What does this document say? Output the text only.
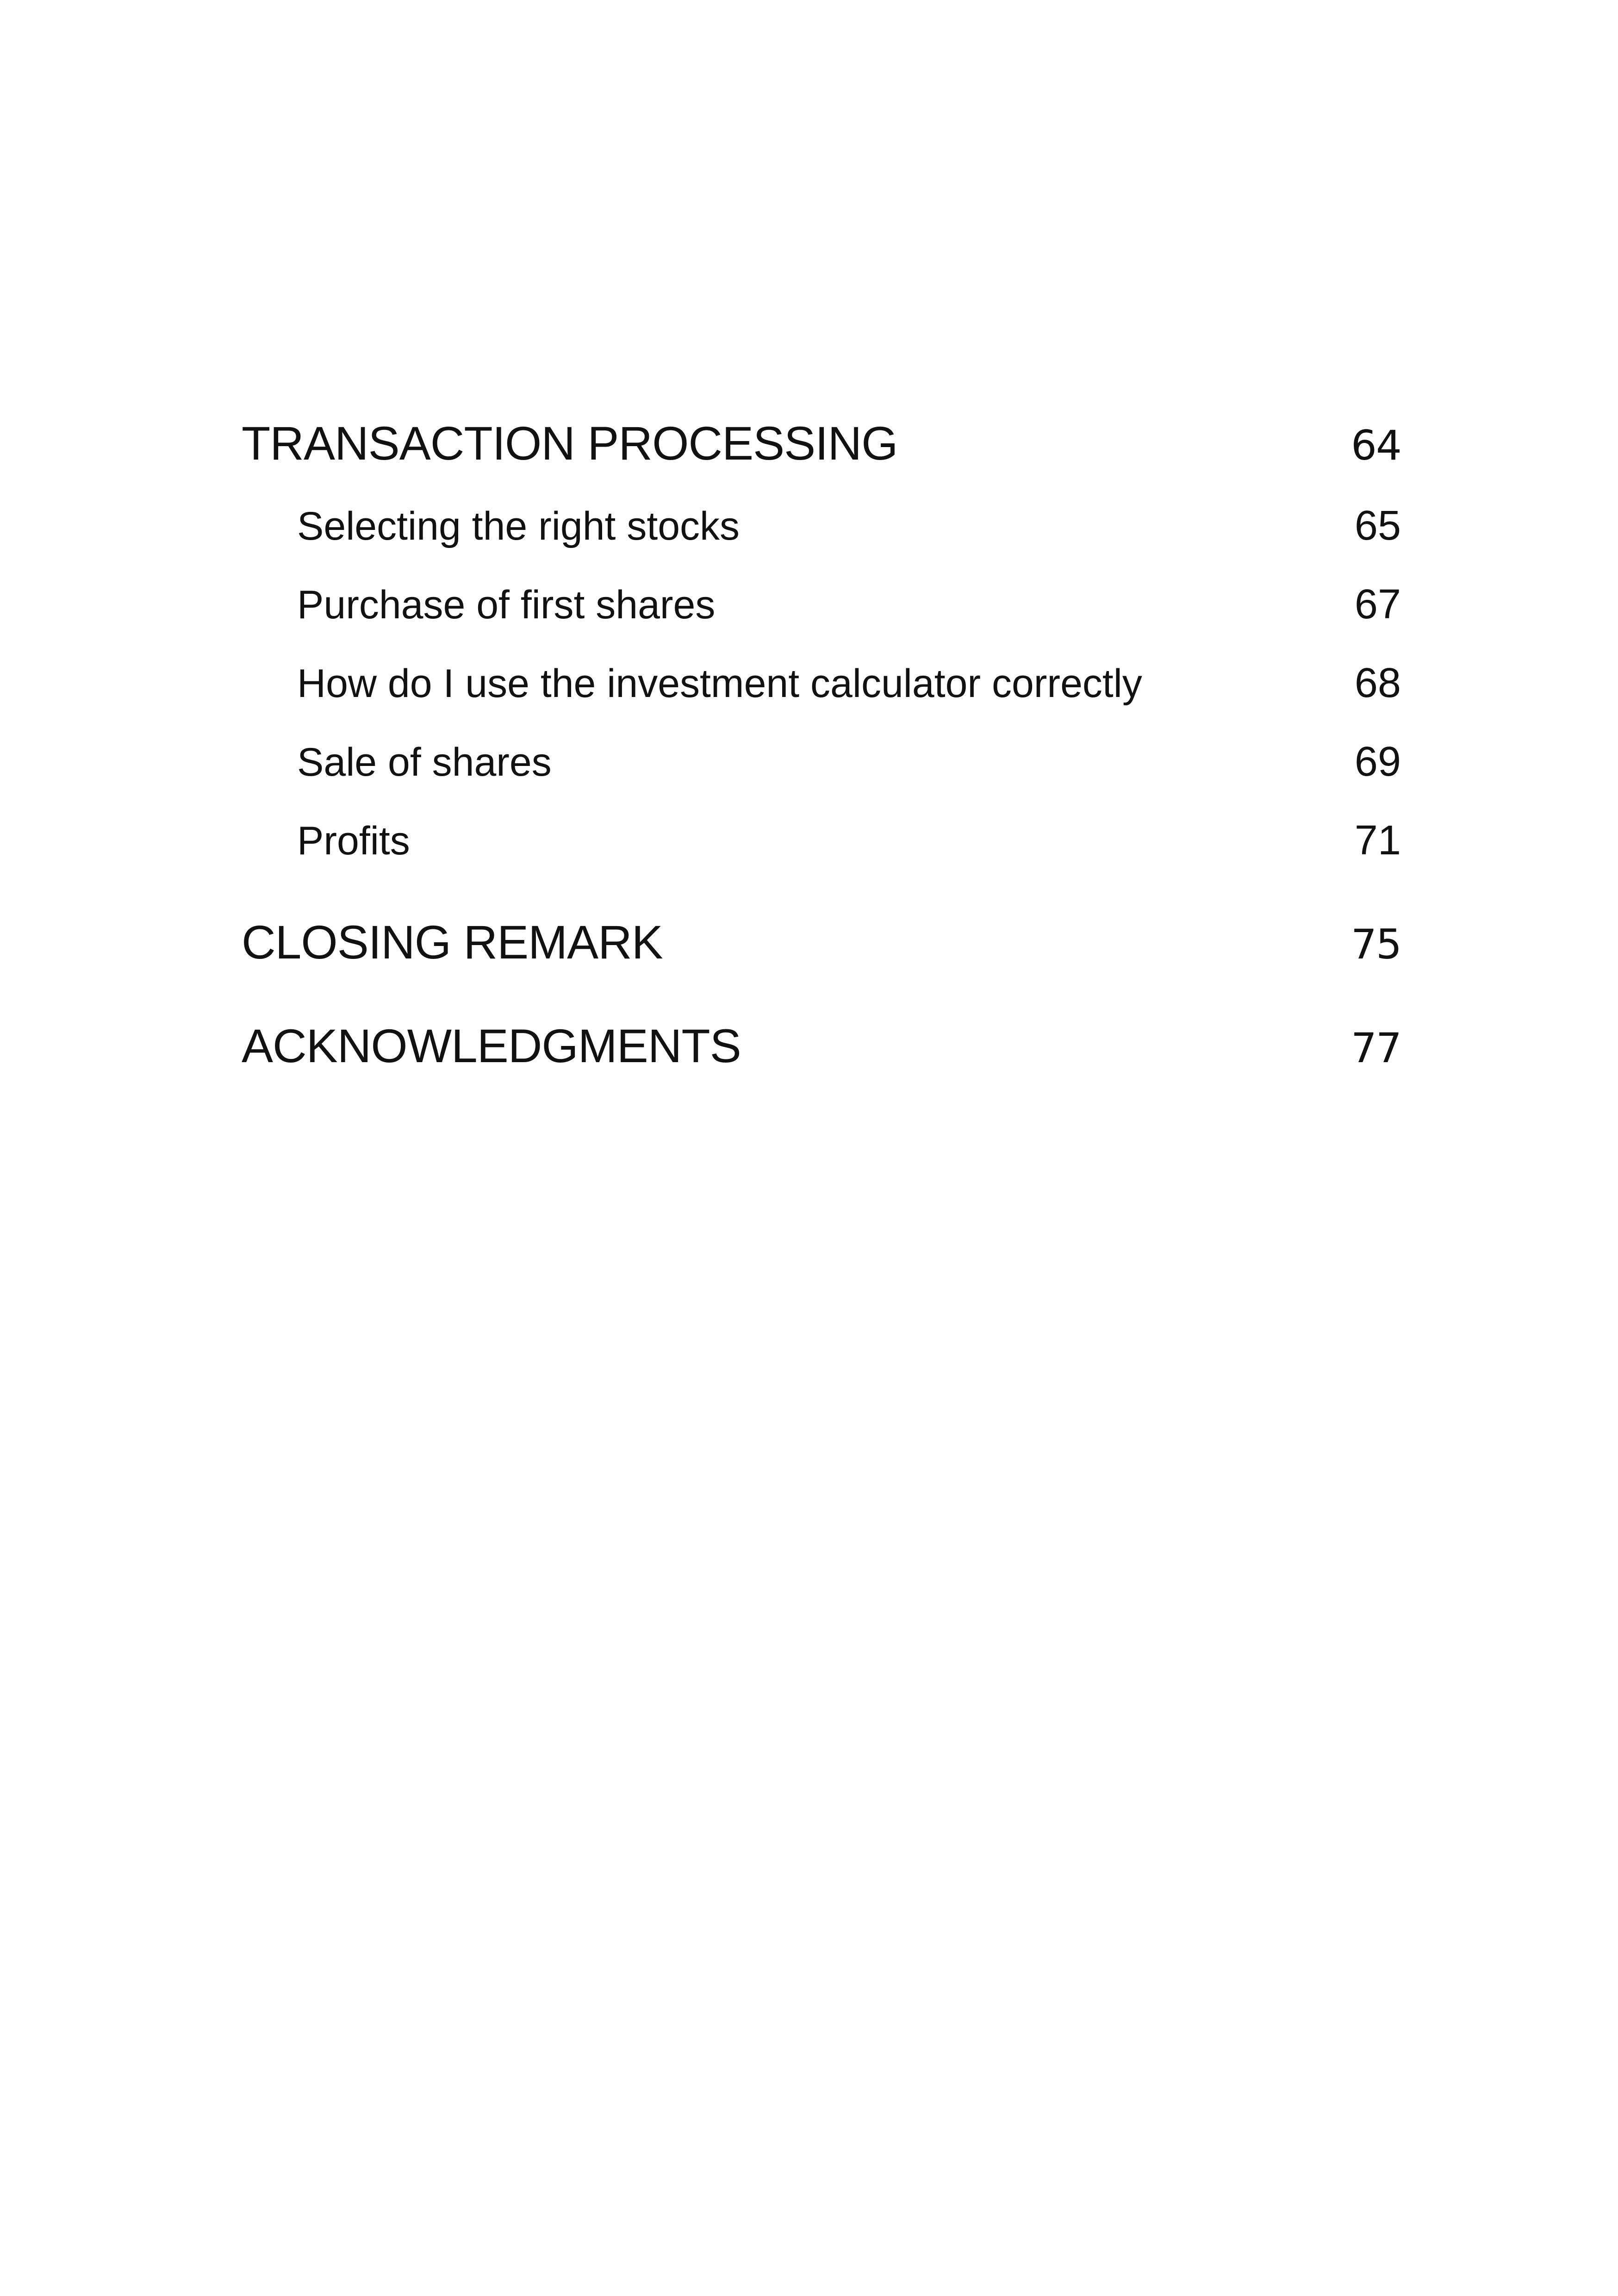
TRANSACTION PROCESSING	64
Selecting the right stocks	65
Purchase of first shares	67
How do I use the investment calculator correctly	68
Sale of shares	69
Profits	71
CLOSING REMARK	75
ACKNOWLEDGMENTS	77
